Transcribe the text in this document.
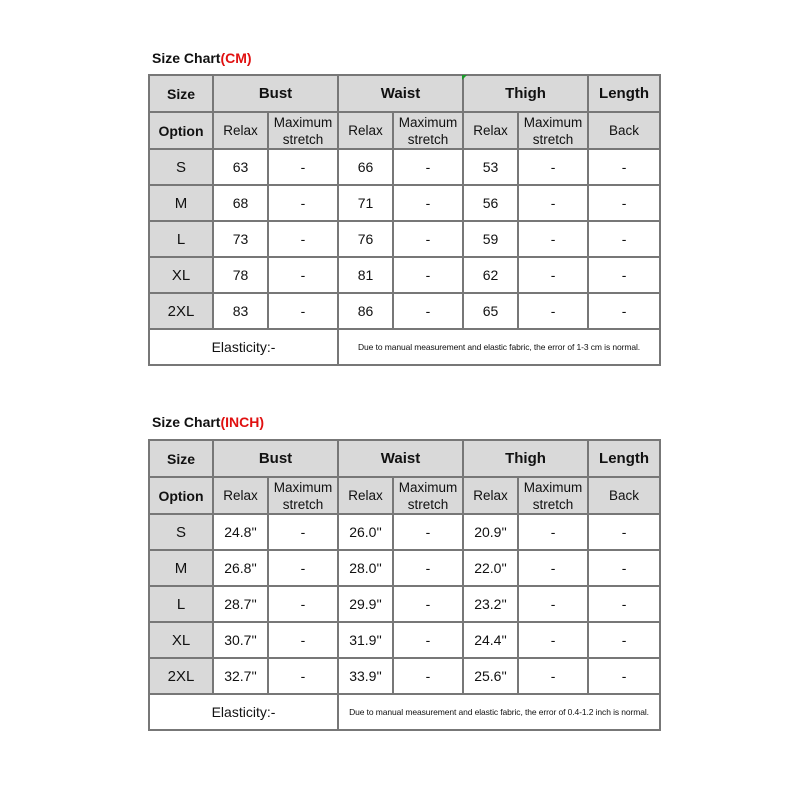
Size Chart(CM)
Size	Bust		Waist		Thigh		Length
Option	Relax	Maximum stretch	Relax	Maximum stretch	Relax	Maximum stretch	Back
S	63	-	66	-	53	-	-
M	68	-	71	-	56	-	-
L	73	-	76	-	59	-	-
XL	78	-	81	-	62	-	-
2XL	83	-	86	-	65	-	-
Elasticity:-			Due to manual measurement and elastic fabric, the error of 1-3 cm is normal.				
Size Chart(INCH)
Size	Bust		Waist		Thigh		Length
Option	Relax	Maximum stretch	Relax	Maximum stretch	Relax	Maximum stretch	Back
S	24.8''	-	26.0''	-	20.9''	-	-
M	26.8''	-	28.0''	-	22.0''	-	-
L	28.7''	-	29.9''	-	23.2''	-	-
XL	30.7''	-	31.9''	-	24.4''	-	-
2XL	32.7''	-	33.9''	-	25.6''	-	-
Elasticity:-			Due to manual measurement and elastic fabric, the error of 0.4-1.2 inch is normal.				
